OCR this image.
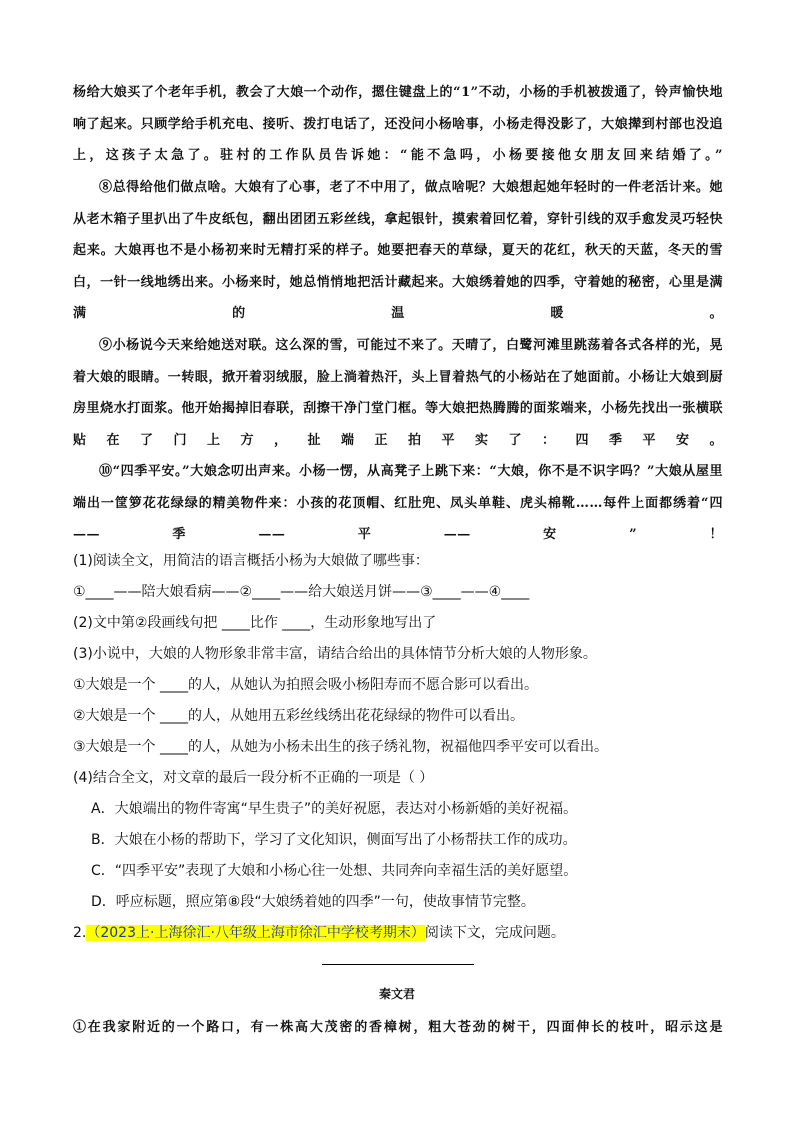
杨给大娘买了个老年手机，教会了大娘一个动作，摁住键盘上的“1”不动，小杨的手机被拨通了，铃声愉快地响了起来。只顾学给手机充电、接听、拨打电话了，还没问小杨啥事，小杨走得没影了，大娘撵到村部也没追上，这孩子太急了。驻村的工作队员告诉她：“能不急吗，小杨要接他女朋友回来结婚了。”

⑧总得给他们做点啥。大娘有了心事，老了不中用了，做点啥呢？大娘想起她年轻时的一件老活计来。她从老木箱子里扒出了牛皮纸包，翻出团团五彩丝线，拿起银针，摸索着回忆着，穿针引线的双手愈发灵巧轻快起来。大娘再也不是小杨初来时无精打采的样子。她要把春天的草绿，夏天的花红，秋天的天蓝，冬天的雪白，一针一线地绣出来。小杨来时，她总悄悄地把活计藏起来。大娘绣着她的四季，守着她的秘密，心里是满满的温暖。

⑨小杨说今天来给她送对联。这么深的雪，可能过不来了。天晴了，白鹭河滩里跳荡着各式各样的光，晃着大娘的眼睛。一转眼，掀开着羽绒服，脸上淌着热汗，头上冒着热气的小杨站在了她面前。小杨让大娘到厨房里烧水打面浆。他开始揭掉旧春联，刮擦干净门堂门框。等大娘把热腾腾的面浆端来，小杨先找出一张横联贴在了门上方，扯端正拍平实了：四季平安。

⑩“四季平安。”大娘念叨出声来。小杨一愣，从高凳子上跳下来：“大娘，你不是不识字吗？”大娘从屋里端出一筐箩花花绿绿的精美物件来：小孩的花顶帽、红肚兜、凤头单鞋、虎头棉靴……每件上面都绣着“四——季——平——安”！

(1)阅读全文，用简洁的语言概括小杨为大娘做了哪些事：

①____——陪大娘看病——②____——给大娘送月饼——③____——④____

(2)文中第②段画线句把 ____比作 ____，生动形象地写出了

(3)小说中，大娘的人物形象非常丰富，请结合给出的具体情节分析大娘的人物形象。

①大娘是一个 ____的人，从她认为拍照会吸小杨阳寿而不愿合影可以看出。

②大娘是一个 ____的人，从她用五彩丝线绣出花花绿绿的物件可以看出。

③大娘是一个 ____的人，从她为小杨未出生的孩子绣礼物，祝福他四季平安可以看出。

(4)结合全文，对文章的最后一段分析不正确的一项是（ ）

A．大娘端出的物件寄寓“早生贵子”的美好祝愿，表达对小杨新婚的美好祝福。

B．大娘在小杨的帮助下，学习了文化知识，侧面写出了小杨帮扶工作的成功。

C．“四季平安”表现了大娘和小杨心往一处想、共同奔向幸福生活的美好愿望。

D．呼应标题，照应第⑧段“大娘绣着她的四季”一句，使故事情节完整。

2.（2023上·上海徐汇·八年级上海市徐汇中学校考期末）阅读下文，完成问题。

秦文君

①在我家附近的一个路口，有一株高大茂密的香樟树，粗大苍劲的树干，四面伸长的枝叶，昭示这是
